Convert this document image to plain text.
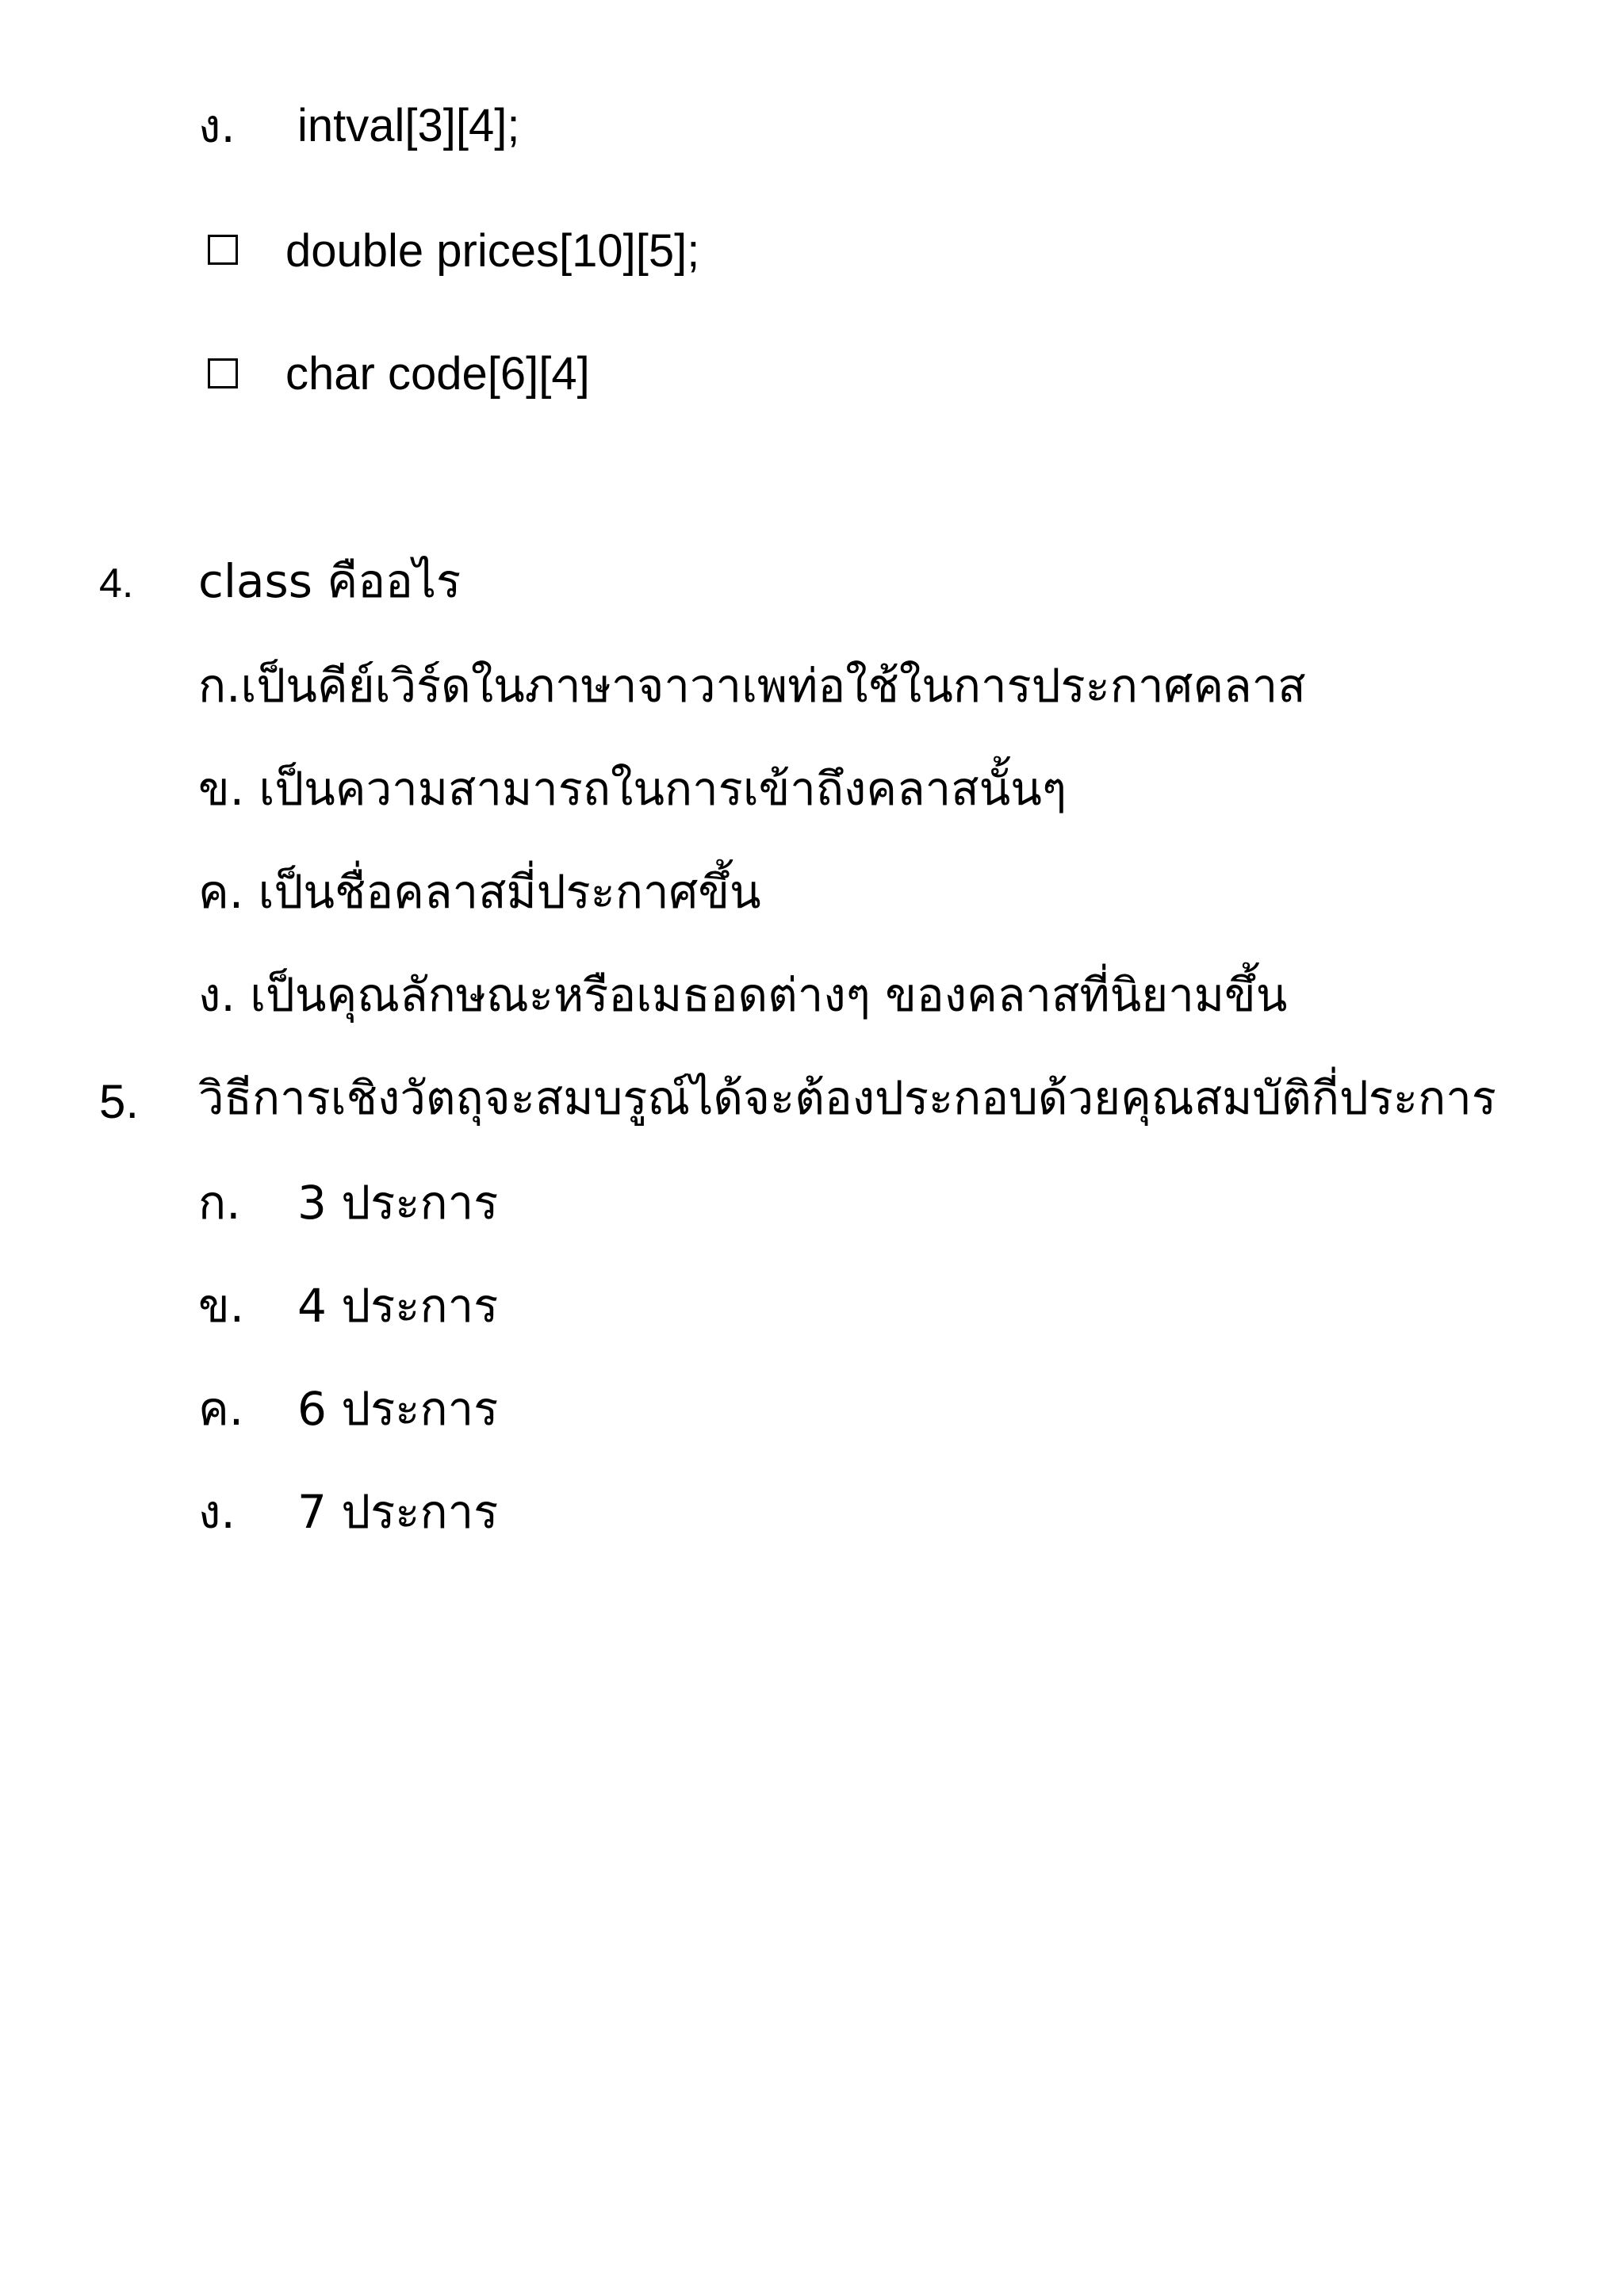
ง. intval[3][4];
double prices[10][5];
char code[6][4]
4. class คืออไร
ก.เป็นคีย์เวิร์ดในภาษาจาวาเพท่อใช้ในการประกาศคลาส
ข. เป็นความสามารถในการเข้าถึงคลาสนั้นๆ
ค. เป็นชื่อคลาสมี่ประกาศขึ้น
ง. เป็นคุณลักษณะหรือเมธอดต่างๆ ของคลาสที่นิยามขึ้น
5. วิธีการเชิงวัตถุจะสมบรูณ์ได้จะต้องประกอบด้วยคุณสมบัติกี่ประการ
ก. 3 ประการ
ข. 4 ประการ
ค. 6 ประการ
ง. 7 ประการ
